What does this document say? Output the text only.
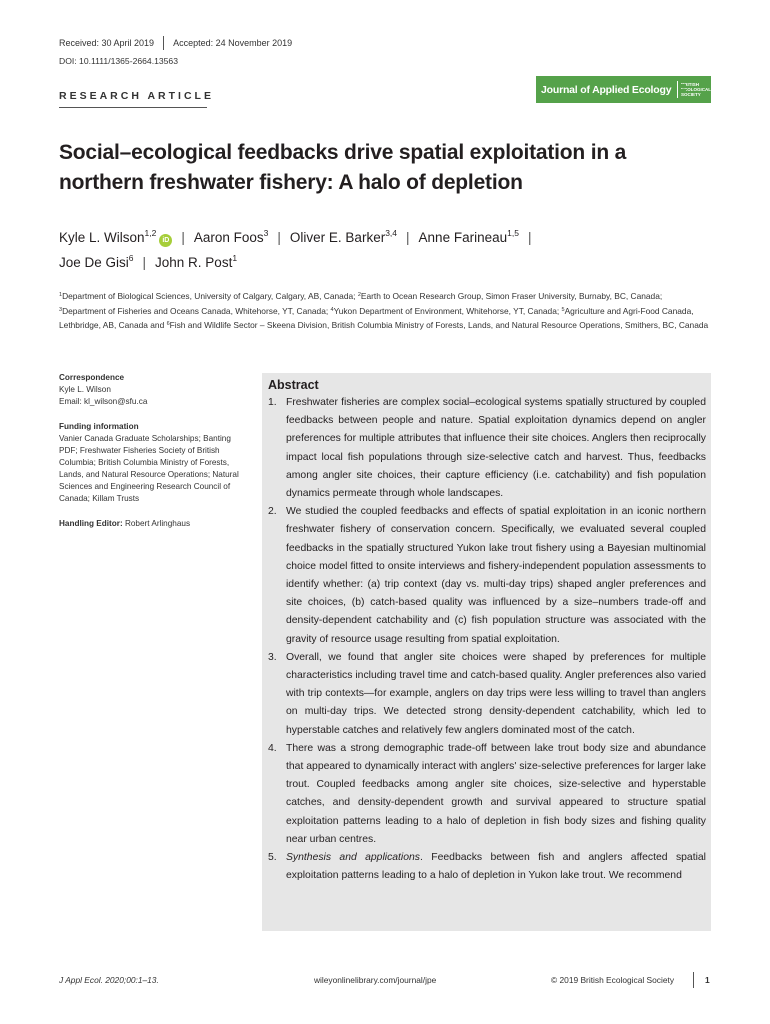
Received: 30 April 2019 Accepted: 24 November 2019
DOI: 10.1111/1365-2664.13563
RESEARCH ARTICLE
Journal of Applied Ecology BRITISH
ECOLOGICAL
SOCIETY
Social–ecological feedbacks drive spatial exploitation in a northern freshwater fishery: A halo of depletion
Kyle L. Wilson$^{1,2}$iD | Aaron Foos$^3$ | Oliver E. Barker$^{3,4}$ | Anne Farineau$^{1,5}$ |
Joe De Gisi$^6$ | John R. Post$^1$
$^1$Department of Biological Sciences, University of Calgary, Calgary, AB, Canada; $^2$Earth to Ocean Research Group, Simon Fraser University, Burnaby, BC, Canada; $^3$Department of Fisheries and Oceans Canada, Whitehorse, YT, Canada; $^4$Yukon Department of Environment, Whitehorse, YT, Canada; $^5$Agriculture and Agri-Food Canada, Lethbridge, AB, Canada and $^6$Fish and Wildlife Sector – Skeena Division, British Columbia Ministry of Forests, Lands, and Natural Resource Operations, Smithers, BC, Canada
Correspondence
Kyle L. Wilson
Email: kl_wilson@sfu.ca
Funding information
Vanier Canada Graduate Scholarships; Banting PDF; Freshwater Fisheries Society of British Columbia; British Columbia Ministry of Forests, Lands, and Natural Resource Operations; Natural Sciences and Engineering Research Council of Canada; Killam Trusts
Handling Editor: Robert Arlinghaus
Abstract
1. Freshwater fisheries are complex social–ecological systems spatially structured by coupled feedbacks between people and nature. Spatial exploitation dynamics depend on angler preferences for multiple attributes that influence their site choices. Anglers then reciprocally impact local fish populations through size-selective catch and harvest. Thus, feedbacks among angler site choices, their capture efficiency (i.e. catchability) and fish population dynamics permeate through whole landscapes.
2. We studied the coupled feedbacks and effects of spatial exploitation in an iconic northern freshwater fishery of conservation concern. Specifically, we evaluated several coupled feedbacks in the spatially structured Yukon lake trout fishery using a Bayesian multinomial choice model fitted to onsite interviews and fishery-independent population assessments to identify whether: (a) trip context (day vs. multi-day trips) shaped angler preferences and site choices, (b) catch-based quality was influenced by a size–numbers trade-off and density-dependent catchability and (c) fish population structure was associated with the gravity of resource usage resulting from spatial exploitation.
3. Overall, we found that angler site choices were shaped by preferences for multiple characteristics including travel time and catch-based quality. Angler preferences also varied with trip contexts—for example, anglers on day trips were less willing to travel than anglers on multi-day trips. We detected strong density-dependent catchability, which led to hyperstable catches and relatively few anglers dominated most of the catch.
4. There was a strong demographic trade-off between lake trout body size and abundance that appeared to dynamically interact with anglers' size-selective preferences for larger lake trout. Coupled feedbacks among angler site choices, size-selective and hyperstable catches, and density-dependent growth and survival appeared to structure spatial exploitation patterns leading to a halo of depletion in fish body sizes and fishing quality near urban centres.
5. Synthesis and applications. Feedbacks between fish and anglers affected spatial exploitation patterns leading to a halo of depletion in Yukon lake trout. We recommend
J Appl Ecol. 2020;00:1–13.	wileyonlinelibrary.com/journal/jpe	© 2019 British Ecological Society	1
